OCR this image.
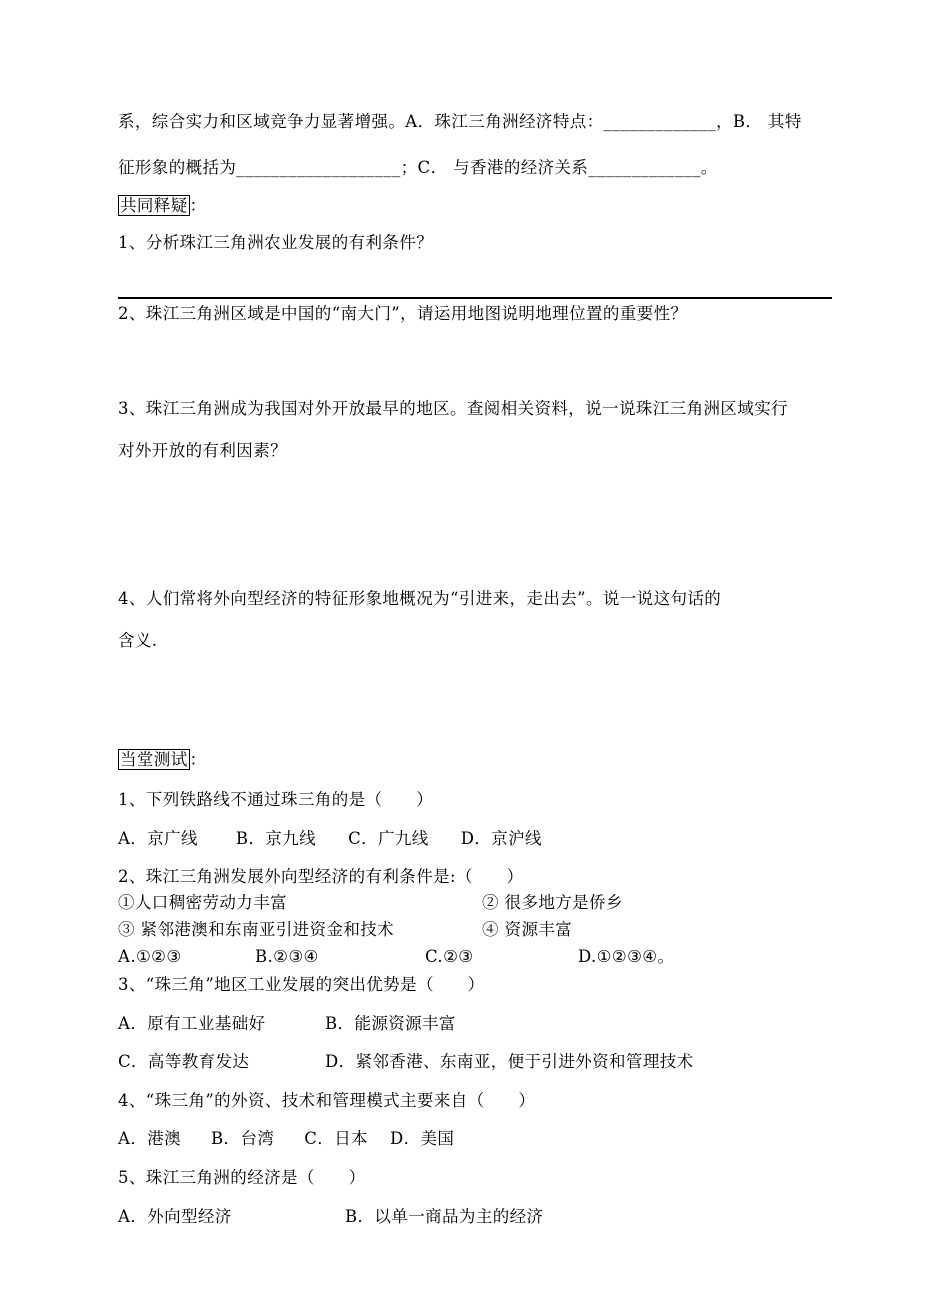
系，综合实力和区域竞争力显著增强。A．珠江三角洲经济特点：_____________，B． 其特
征形象的概括为___________________；C． 与香港的经济关系_____________。
共同释疑 ：
1、分析珠江三角洲农业发展的有利条件？
2、珠江三角洲区域是中国的“南大门”，请运用地图说明地理位置的重要性？
3、珠江三角洲成为我国对外开放最早的地区。查阅相关资料，说一说珠江三角洲区域实行
对外开放的有利因素？
4、人们常将外向型经济的特征形象地概况为“引进来，走出去”。说一说这句话的
含义.
当堂测试 ：
1、下列铁路线不通过珠三角的是（　　）
A．京广线 B．京九线 C．广九线 D．京沪线
2、珠江三角洲发展外向型经济的有利条件是:（　　）
①人口稠密劳动力丰富	② 很多地方是侨乡
③ 紧邻港澳和东南亚引进资金和技术	④ 资源丰富
A.①②③	B.②③④	C.②③	D.①②③④。
3、“珠三角”地区工业发展的突出优势是（　　）
A．原有工业基础好	B．能源资源丰富
C．高等教育发达	D．紧邻香港、东南亚，便于引进外资和管理技术
4、“珠三角”的外资、技术和管理模式主要来自（　　）
A．港澳 B．台湾 C．日本 D．美国
5、珠江三角洲的经济是（　　）
A．外向型经济	B．以单一商品为主的经济
